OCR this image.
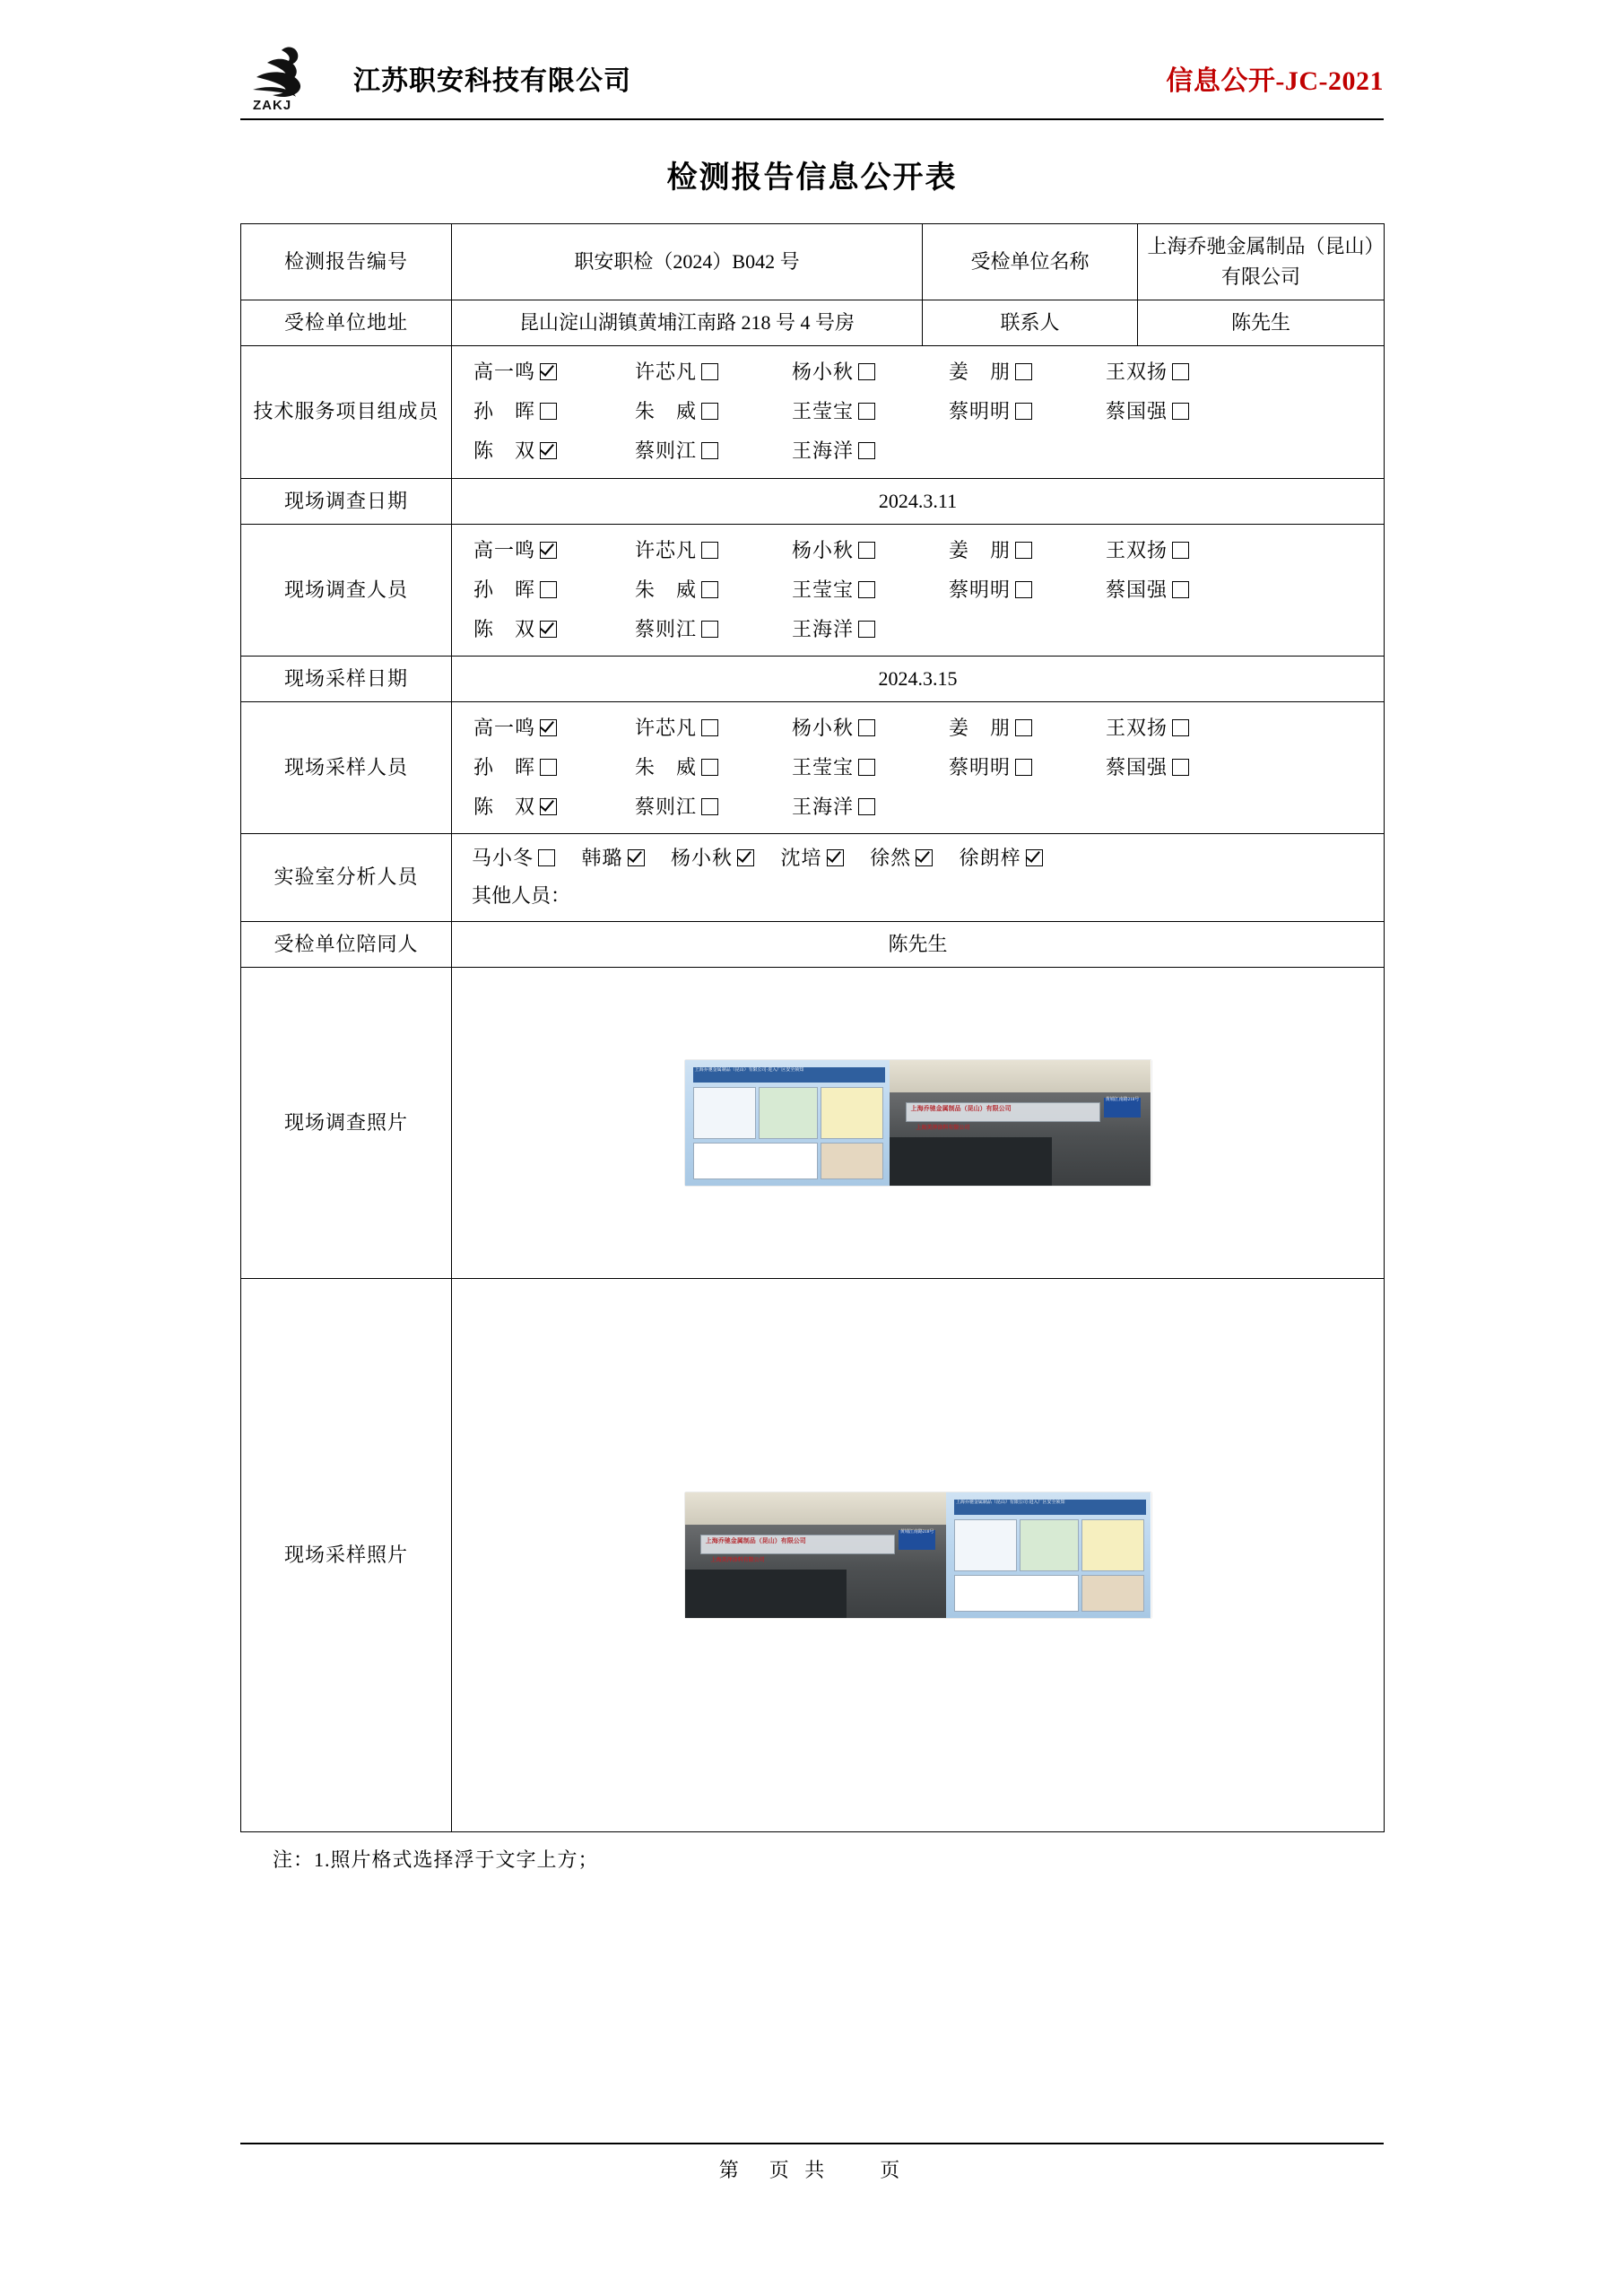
ZAKJ
江苏职安科技有限公司	信息公开-JC-2021
检测报告信息公开表
检测报告编号	职安职检（2024）B042 号	受检单位名称	上海乔驰金属制品（昆山）有限公司
受检单位地址	昆山淀山湖镇黄埔江南路 218 号 4 号房	联系人	陈先生
技术服务项目组成员	
高一鸣	许芯凡	杨小秋	姜　朋	王双扬
孙　晖	朱　威	王莹宝	蔡明明	蔡国强
陈　双	蔡则江	王海洋

现场调查日期	2024.3.11		
现场调查人员	
高一鸣	许芯凡	杨小秋	姜　朋	王双扬
孙　晖	朱　威	王莹宝	蔡明明	蔡国强
陈　双	蔡则江	王海洋

现场采样日期	2024.3.15		
现场采样人员	
高一鸣	许芯凡	杨小秋	姜　朋	王双扬
孙　晖	朱　威	王莹宝	蔡明明	蔡国强
陈　双	蔡则江	王海洋

实验室分析人员	马小冬 韩璐 杨小秋 沈培 徐然 徐朗梓
其他人员：		

受检单位陪同人	陈先生		
现场调查照片	上海乔驰金属制品（昆山）有限公司·进入厂区安全须知
上海乔驰金属制品（昆山）有限公司
上海美泽涂料有限公司
黄埔江南路218号		

现场采样照片	上海乔驰金属制品（昆山）有限公司
上海美泽涂料有限公司
黄埔江南路218号
上海乔驰金属制品（昆山）有限公司·进入厂区安全须知		
注：1.照片格式选择浮于文字上方；
第　页 共　　页
